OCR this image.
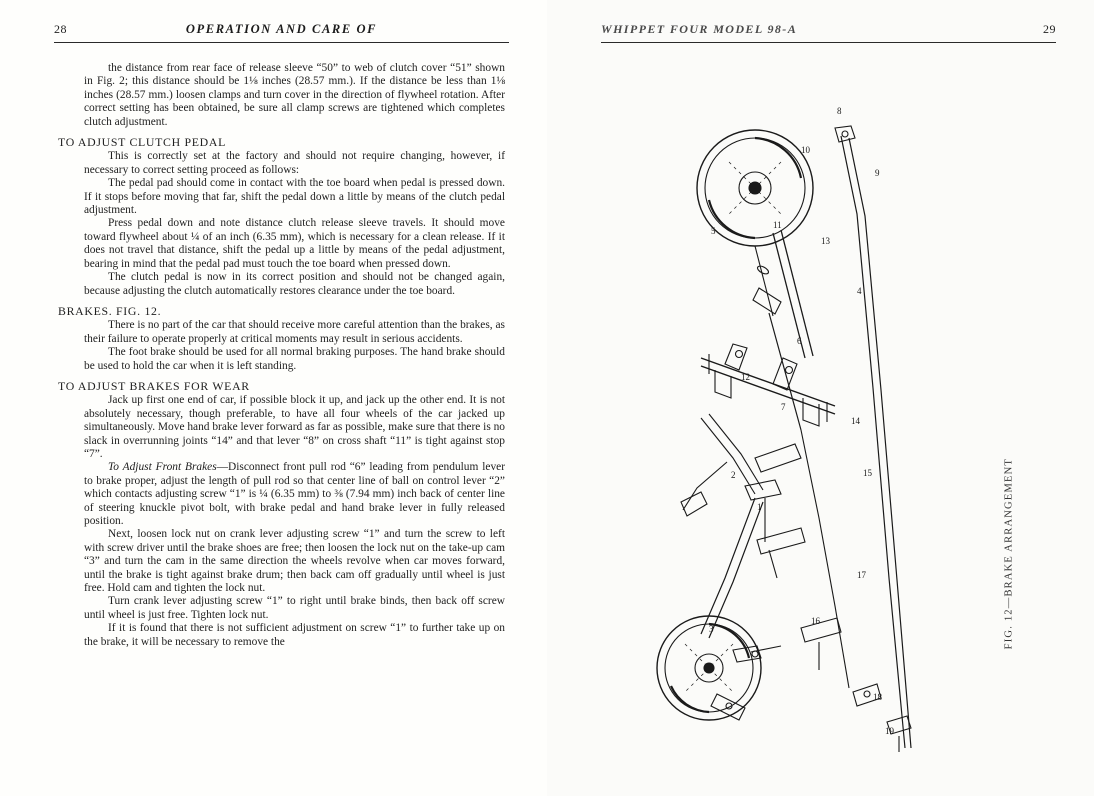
28	OPERATION AND CARE OF

the distance from rear face of release sleeve “50” to web of clutch cover “51” shown in Fig. 2; this distance should be 1⅛ inches (28.57 mm.). If the distance be less than 1⅛ inches (28.57 mm.) loosen clamps and turn cover in the direction of flywheel rotation. After correct setting has been obtained, be sure all clamp screws are tightened which completes clutch adjustment.

TO ADJUST CLUTCH PEDAL

This is correctly set at the factory and should not require changing, however, if necessary to correct setting proceed as follows:

The pedal pad should come in contact with the toe board when pedal is pressed down. If it stops before moving that far, shift the pedal down a little by means of the clutch pedal adjustment.

Press pedal down and note distance clutch release sleeve travels. It should move toward flywheel about ¼ of an inch (6.35 mm), which is necessary for a clean release. If it does not travel that distance, shift the pedal up a little by means of the pedal adjustment, bearing in mind that the pedal pad must touch the toe board when pressed down.

The clutch pedal is now in its correct position and should not be changed again, because adjusting the clutch automatically restores clearance under the toe board.

BRAKES. FIG. 12.

There is no part of the car that should receive more careful attention than the brakes, as their failure to operate properly at critical moments may result in serious accidents.

The foot brake should be used for all normal braking purposes. The hand brake should be used to hold the car when it is left standing.

TO ADJUST BRAKES FOR WEAR

Jack up first one end of car, if possible block it up, and jack up the other end. It is not absolutely necessary, though preferable, to have all four wheels of the car jacked up simultaneously. Move hand brake lever forward as far as possible, make sure that there is no slack in overrunning joints “14” and that lever “8” on cross shaft “11” is tight against stop “7”.

To Adjust Front Brakes—Disconnect front pull rod “6” leading from pendulum lever to brake proper, adjust the length of pull rod so that center line of ball on control lever “2” which contacts adjusting screw “1” is ¼ (6.35 mm) to ⅜ (7.94 mm) inch back of center line of steering knuckle pivot bolt, with brake pedal and hand brake lever in fully released position.

Next, loosen lock nut on crank lever adjusting screw “1” and turn the screw to left with screw driver until the brake shoes are free; then loosen the lock nut on the take-up cam “3” and turn the cam in the same direction the wheels revolve when car moves forward, until the brake is tight against brake drum; then back cam off gradually until wheel is just free. Hold cam and tighten the lock nut.

Turn crank lever adjusting screw “1” to right until brake binds, then back off screw until wheel is just free. Tighten lock nut.

If it is found that there is not sufficient adjustment on screw “1” to further take up on the brake, it will be necessary to remove the

WHIPPET FOUR MODEL 98-A	29
8
10
9
5
11
13
4
6
12
7
14
2	15
1
3
16
17
18
19
FIG. 12—BRAKE ARRANGEMENT
